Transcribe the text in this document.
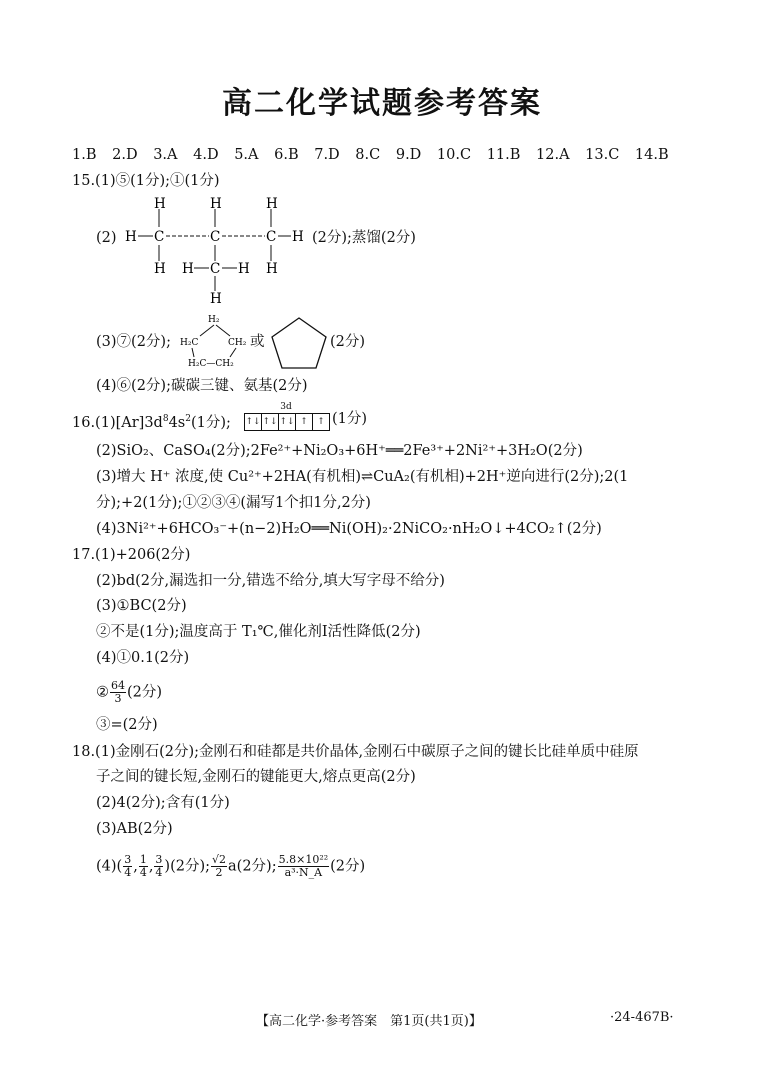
高二化学试题参考答案
1.B 2.D 3.A 4.D 5.A 6.B 7.D 8.C 9.D 10.C 11.B 12.A 13.C 14.B
15.(1)⑤(1分);①(1分)
(2)
H	H	H
H C	C	C H
H H C H H
H
(2分);蒸馏(2分)
(3)⑦(2分);
H₂
H₂C	CH₂
H₂C—CH₂
或	(2分)
(4)⑥(2分);碳碳三键、氨基(2分)
$16.(1)[Ar]3d^84s^2(1$分);
3d
↑↓ ↑↓ ↑↓ ↑	↑ (1分)
(2)SiO₂、CaSO₄(2分);2Fe²⁺+Ni₂O₃+6H⁺══2Fe³⁺+2Ni²⁺+3H₂O(2分)
(3)增大 H⁺ 浓度,使 Cu²⁺+2HA(有机相)⇌CuA₂(有机相)+2H⁺逆向进行(2分);2(1
分);+2(1分);①②③④(漏写1个扣1分,2分)
(4)3Ni²⁺+6HCO₃⁻+(n−2)H₂O══Ni(OH)₂·2NiCO₂·nH₂O↓+4CO₂↑(2分)
17.(1)+206(2分)
(2)bd(2分,漏选扣一分,错选不给分,填大写字母不给分)
(3)①BC(2分)
②不是(1分);温度高于 T₁℃,催化剂Ⅰ活性降低(2分)
(4)①0.1(2分)
② $\frac{64}{3} (2$分)
③=(2分)
18.(1)金刚石(2分);金刚石和硅都是共价晶体,金刚石中碳原子之间的键长比硅单质中硅原
子之间的键长短,金刚石的键能更大,熔点更高(2分)
(2)4(2分);含有(1分)
(3)AB(2分)
$(4)( \frac{3}{4}$ , $\frac{1}{4}$ , $\frac{3}{4} )(2$分); $\frac{√2}{2} a(2$分); $\frac{\text{5.8×10²²}}{\text{a³·N\_A}} (2$分)
【高二化学·参考答案　第1页(共1页)】	·24-467B·
